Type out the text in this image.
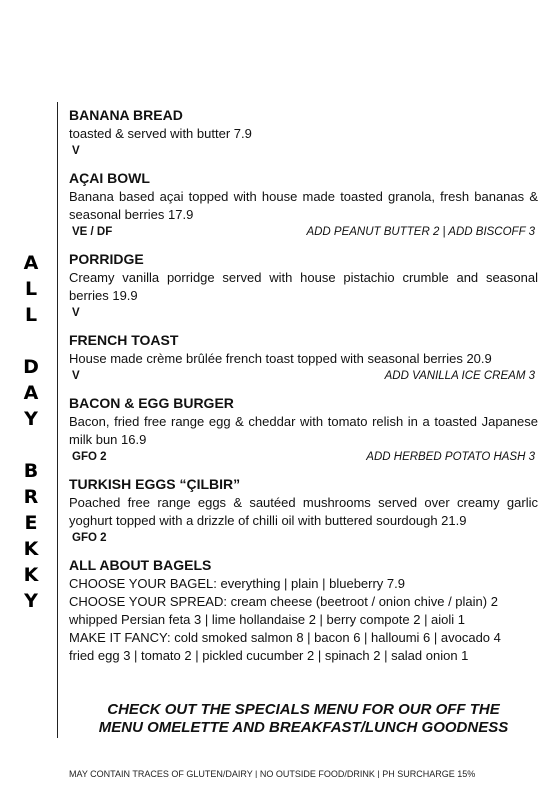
A
L
L
D
A
Y
B
R
E
K
K
Y
BANANA BREAD
toasted & served with butter 7.9
V
AÇAI BOWL
Banana based açai topped with house made toasted granola, fresh bananas & seasonal berries 17.9
VE / DF	ADD PEANUT BUTTER 2 | ADD BISCOFF 3
PORRIDGE
Creamy vanilla porridge served with house pistachio crumble and seasonal berries 19.9
V
FRENCH TOAST
House made crème brûlée french toast topped with seasonal berries 20.9
V	ADD VANILLA ICE CREAM 3
BACON & EGG BURGER
Bacon, fried free range egg & cheddar with tomato relish in a toasted Japanese milk bun 16.9
GFO 2	ADD HERBED POTATO HASH 3
TURKISH EGGS “ÇILBIR”
Poached free range eggs & sautéed mushrooms served over creamy garlic yoghurt topped with a drizzle of chilli oil with buttered sourdough 21.9
GFO 2
ALL ABOUT BAGELS
CHOOSE YOUR BAGEL: everything | plain | blueberry 7.9
CHOOSE YOUR SPREAD: cream cheese (beetroot / onion chive / plain) 2
whipped Persian feta 3 | lime hollandaise 2 | berry compote 2 | aioli 1
MAKE IT FANCY: cold smoked salmon 8 | bacon 6 | halloumi 6 | avocado 4
fried egg 3 | tomato 2 | pickled cucumber 2 | spinach 2 | salad onion 1
CHECK OUT THE SPECIALS MENU FOR OUR OFF THE
MENU OMELETTE AND BREAKFAST/LUNCH GOODNESS
MAY CONTAIN TRACES OF GLUTEN/DAIRY | NO OUTSIDE FOOD/DRINK | PH SURCHARGE 15%
